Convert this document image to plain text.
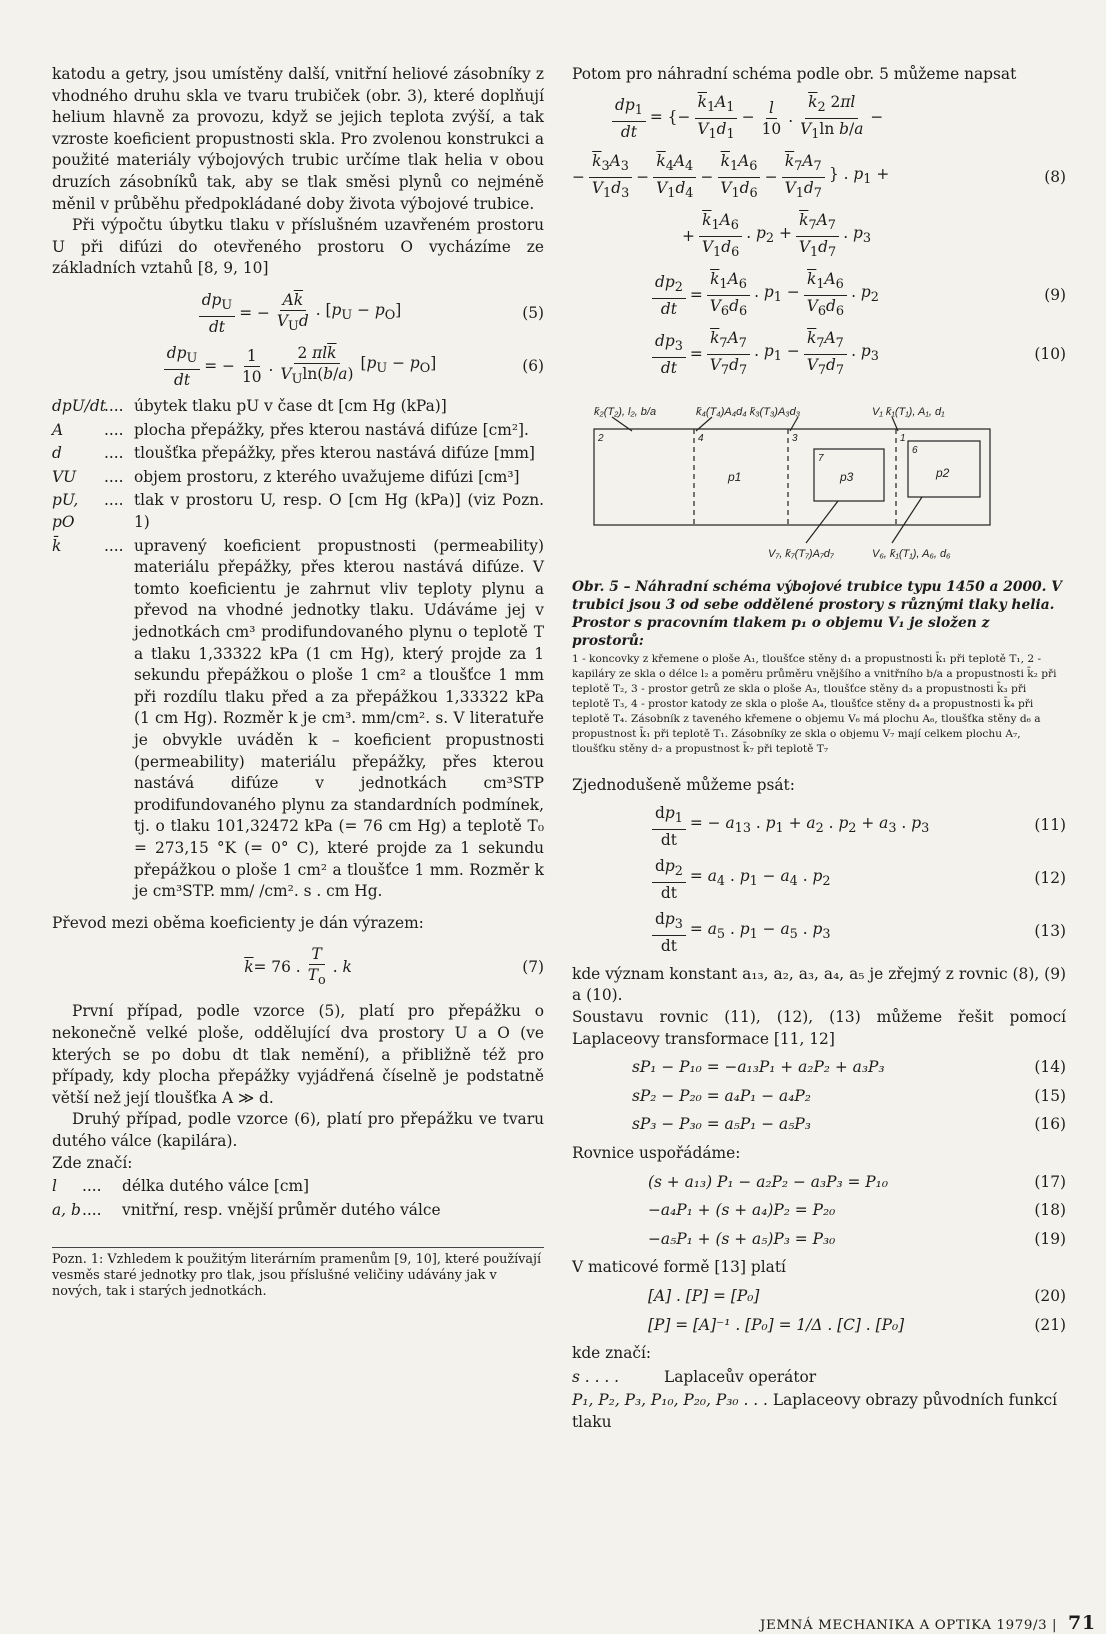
katodu a getry, jsou umístěny další, vnitřní heliové zásobníky z vhodného druhu skla ve tvaru trubiček (obr. 3), které doplňují helium hlavně za provozu, když se jejich teplota zvýší, a tak vzroste koeficient propustnosti skla. Pro zvolenou konstrukci a použité materiály výbojových trubic určíme tlak helia v obou druzích zásobníků tak, aby se tlak směsi plynů co nejméně měnil v průběhu předpokládané doby života výbojové trubice.

Při výpočtu úbytku tlaku v příslušném uzavřeném prostoru U při difúzi do otevřeného prostoru O vycházíme ze základních vztahů [8, 9, 10]

$\frac{dp_U}{dt}$ = − $\frac{A\overline{k}}{V_Ud}$ . $[p_U - p_O]$	(5)
$\frac{dp_U}{dt}$ = − $\frac{1}{10}$ . $\frac{2 \pi l\overline{k}}{V_U\ln(b/a)} [p_U - p_O]$	(6)
dpU/dt
.... úbytek tlaku pU v čase dt [cm Hg (kPa)]
A	.... plocha přepážky, přes kterou nastává difúze [cm²].
d	.... tloušťka přepážky, přes kterou nastává difúze [mm]
VU	.... objem prostoru, z kterého uvažujeme difúzi [cm³]
pU, pO
.... tlak v prostoru U, resp. O [cm Hg (kPa)] (viz Pozn. 1)
k̄	.... upravený koeficient propustnosti (permeability) materiálu přepážky, přes kterou nastává difúze. V tomto koeficientu je zahrnut vliv teploty plynu a převod na vhodné jednotky tlaku. Udáváme jej v jednotkách cm³ prodifundovaného plynu o teplotě T a tlaku 1,33322 kPa (1 cm Hg), který projde za 1 sekundu přepážkou o ploše 1 cm² a tloušťce 1 mm při rozdílu tlaku před a za přepážkou 1,33322 kPa (1 cm Hg). Rozměr k je cm³. mm/cm². s. V literatuře je obvykle uváděn k – koeficient propustnosti (permeability) materiálu přepážky, přes kterou nastává difúze v jednotkách cm³STP prodifundovaného plynu za standardních podmínek, tj. o tlaku 101,32472 kPa (= 76 cm Hg) a teplotě T₀ = 273,15 °K (= 0° C), které projde za 1 sekundu přepážkou o ploše 1 cm² a tloušťce 1 mm. Rozměr k je cm³STP. mm/ /cm². s . cm Hg.

Převod mezi oběma koeficienty je dán výrazem:

$\overline{k} = 76$ . $\frac{T}{T_o}$ . k	(7)

První případ, podle vzorce (5), platí pro přepážku o nekonečně velké ploše, oddělující dva prostory U a O (ve kterých se po dobu dt tlak nemění), a přibližně též pro případy, kdy plocha přepážky vyjádřená číselně je podstatně větší než její tloušťka A ≫ d.

Druhý případ, podle vzorce (6), platí pro přepážku ve tvaru dutého válce (kapilára).

Zde značí:

l	....	délka dutého válce [cm]
a, b ....	vnitřní, resp. vnější průměr dutého válce
Pozn. 1: Vzhledem k použitým literárním pramenům [9, 10], které používají vesměs staré jednotky pro tlak, jsou příslušné veličiny udávány jak v nových, tak i starých jednotkách.

Potom pro náhradní schéma podle obr. 5 můžeme napsat

$\frac{dp_1}{dt}$ = {− $\frac{\overline{k}_1A_1}{V_1d_1} - \frac{l}{10}$ . $\frac{\overline{k}_2 2\pi l}{V_1\ln b/a}$ −
− $\frac{\overline{k}_3A_3}{V_1d_3} - \frac{\overline{k}_4A_4}{V_1d_4} - \frac{\overline{k}_1A_6}{V_1d_6} - \frac{\overline{k}_7A_7}{V_1d_7}$ } . $p_1$ +	(8)
+ $\frac{\overline{k}_1A_6}{V_1d_6}$ . $p_2 + \frac{\overline{k}_7A_7}{V_1d_7}$ . $p_3$
$\frac{dp_2}{dt} = \frac{\overline{k}_1A_6}{V_6d_6}$ . $p_1 - \frac{\overline{k}_1A_6}{V_6d_6}$ . $p_2$	(9)
$\frac{dp_3}{dt} = \frac{\overline{k}_7A_7}{V_7d_7}$ . $p_1 - \frac{\overline{k}_7A_7}{V_7d_7}$ . $p_3$	(10)
k̄₂(T₂), l₂, b/a	k̄₄(T₄)A₄d₄ k̄₃(T₃)A₃d₃	V₁ k̄₁(T₁), A₁, d₁
V₇, k̄₇(T₇)A₇d₇	V₆, k̄₁(T₁), A₆, d₆
p1	p3	p2
2	4	3
7
1
6
Obr. 5 – Náhradní schéma výbojové trubice typu 1450 a 2000. V trubici jsou 3 od sebe oddělené prostory s různými tlaky helia. Prostor s pracovním tlakem p₁ o objemu V₁ je složen z prostorů:
1 - koncovky z křemene o ploše A₁, tloušťce stěny d₁ a propustnosti k̄₁ při teplotě T₁, 2 - kapiláry ze skla o délce l₂ a poměru průměru vnějšího a vnitřního b/a a propustnosti k̄₂ při teplotě T₂, 3 - prostor getrů ze skla o ploše A₃, tloušťce stěny d₃ a propustnosti k̄₃ při teplotě T₃, 4 - prostor katody ze skla o ploše A₄, tloušťce stěny d₄ a propustnosti k̄₄ při teplotě T₄. Zásobník z taveného křemene o objemu V₆ má plochu A₆, tloušťka stěny d₆ a propustnost k̄₁ při teplotě T₁. Zásobníky ze skla o objemu V₇ mají celkem plochu A₇, tloušťku stěny d₇ a propustnost k̄₇ při teplotě T₇

Zjednodušeně můžeme psát:

$\frac{dp_1}{dt}$ = − $a_{13}$ . $p_1 + a_2$ . $p_2 + a_3$ . $p_3$	(11)
$\frac{dp_2}{dt} = a_4$ . $p_1 - a_4$ . $p_2$	(12)
$\frac{dp_3}{dt} = a_5$ . $p_1 - a_5$ . $p_3$	(13)

kde význam konstant a₁₃, a₂, a₃, a₄, a₅ je zřejmý z rovnic (8), (9) a (10).

Soustavu rovnic (11), (12), (13) můžeme řešit pomocí Laplaceovy transformace [11, 12]

sP₁ − P₁₀ = −a₁₃P₁ + a₂P₂ + a₃P₃	(14)
sP₂ − P₂₀ = a₄P₁ − a₄P₂	(15)
sP₃ − P₃₀ = a₅P₁ − a₅P₃	(16)

Rovnice uspořádáme:

(s + a₁₃) P₁ − a₂P₂ − a₃P₃ = P₁₀	(17)
−a₄P₁ + (s + a₄)P₂ = P₂₀	(18)
−a₅P₁ + (s + a₅)P₃ = P₃₀	(19)

V maticové formě [13] platí

[A] . [P] = [P₀]	(20)
[P] = [A]⁻¹ . [P₀] = 1/Δ . [C] . [P₀]	(21)

kde značí:

s . . . .	Laplaceův operátor
P₁, P₂, P₃, P₁₀, P₂₀, P₃₀ . . . Laplaceovy obrazy původních funkcí tlaku
JEMNÁ MECHANIKA A OPTIKA 1979/3 | 71
